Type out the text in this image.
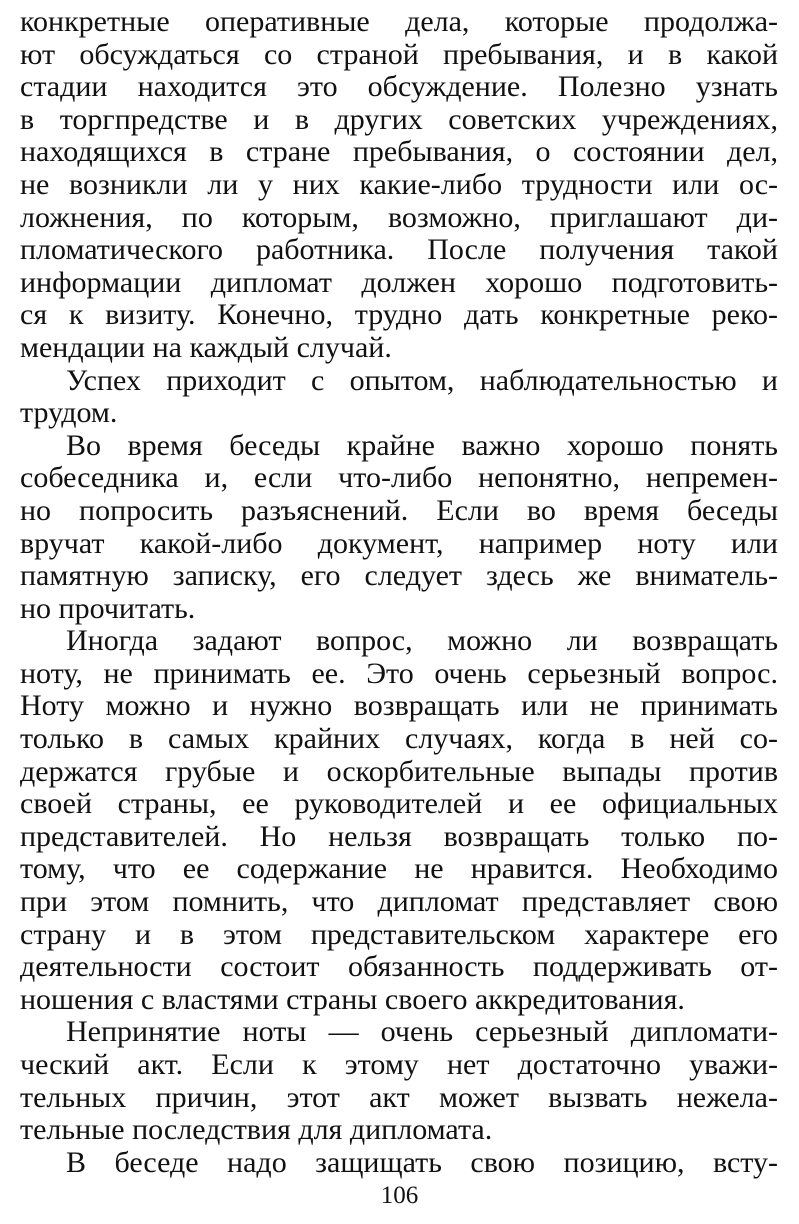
конкретные оперативные дела, которые продолжа-
ют обсуждаться со страной пребывания, и в какой
стадии находится это обсуждение. Полезно узнать
в торгпредстве и в других советских учреждениях,
находящихся в стране пребывания, о состоянии дел,
не возникли ли у них какие-либо трудности или ос-
ложнения, по которым, возможно, приглашают ди-
пломатического работника. После получения такой
информации дипломат должен хорошо подготовить-
ся к визиту. Конечно, трудно дать конкретные реко-
мендации на каждый случай.
Успех приходит с опытом, наблюдательностью и
трудом.
Во время беседы крайне важно хорошо понять
собеседника и, если что-либо непонятно, непремен-
но попросить разъяснений. Если во время беседы
вручат какой-либо документ, например ноту или
памятную записку, его следует здесь же вниматель-
но прочитать.
Иногда задают вопрос, можно ли возвращать
ноту, не принимать ее. Это очень серьезный вопрос.
Ноту можно и нужно возвращать или не принимать
только в самых крайних случаях, когда в ней со-
держатся грубые и оскорбительные выпады против
своей страны, ее руководителей и ее официальных
представителей. Но нельзя возвращать только по-
тому, что ее содержание не нравится. Необходимо
при этом помнить, что дипломат представляет свою
страну и в этом представительском характере его
деятельности состоит обязанность поддерживать от-
ношения с властями страны своего аккредитования.
Непринятие ноты — очень серьезный дипломати-
ческий акт. Если к этому нет достаточно уважи-
тельных причин, этот акт может вызвать нежела-
тельные последствия для дипломата.
В беседе надо защищать свою позицию, всту-
106
